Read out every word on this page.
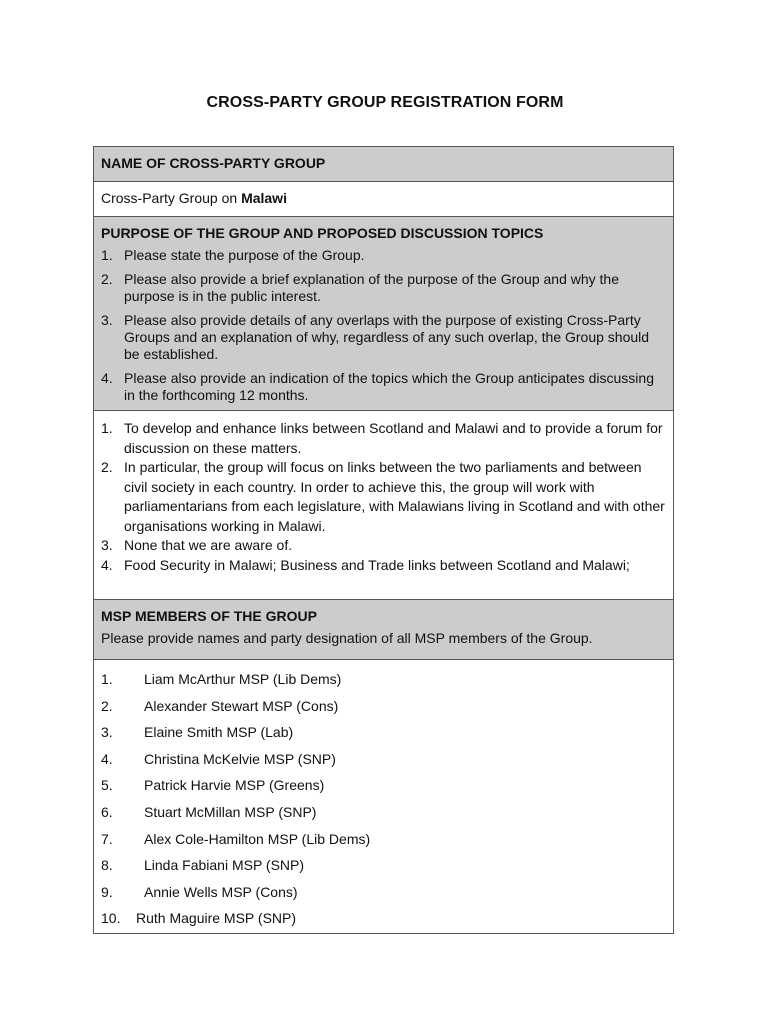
CROSS-PARTY GROUP REGISTRATION FORM
NAME OF CROSS-PARTY GROUP
Cross-Party Group on Malawi
PURPOSE OF THE GROUP AND PROPOSED DISCUSSION TOPICS
1. Please state the purpose of the Group.
2. Please also provide a brief explanation of the purpose of the Group and why the purpose is in the public interest.
3. Please also provide details of any overlaps with the purpose of existing Cross-Party Groups and an explanation of why, regardless of any such overlap, the Group should be established.
4. Please also provide an indication of the topics which the Group anticipates discussing in the forthcoming 12 months.
1. To develop and enhance links between Scotland and Malawi and to provide a forum for discussion on these matters.
2. In particular, the group will focus on links between the two parliaments and between civil society in each country. In order to achieve this, the group will work with parliamentarians from each legislature, with Malawians living in Scotland and with other organisations working in Malawi.
3. None that we are aware of.
4. Food Security in Malawi; Business and Trade links between Scotland and Malawi;
MSP MEMBERS OF THE GROUP
Please provide names and party designation of all MSP members of the Group.
1. Liam McArthur MSP (Lib Dems)
2. Alexander Stewart MSP (Cons)
3. Elaine Smith MSP (Lab)
4. Christina McKelvie MSP (SNP)
5. Patrick Harvie MSP (Greens)
6. Stuart McMillan MSP (SNP)
7. Alex Cole-Hamilton MSP (Lib Dems)
8. Linda Fabiani MSP (SNP)
9. Annie Wells MSP (Cons)
10. Ruth Maguire MSP (SNP)
